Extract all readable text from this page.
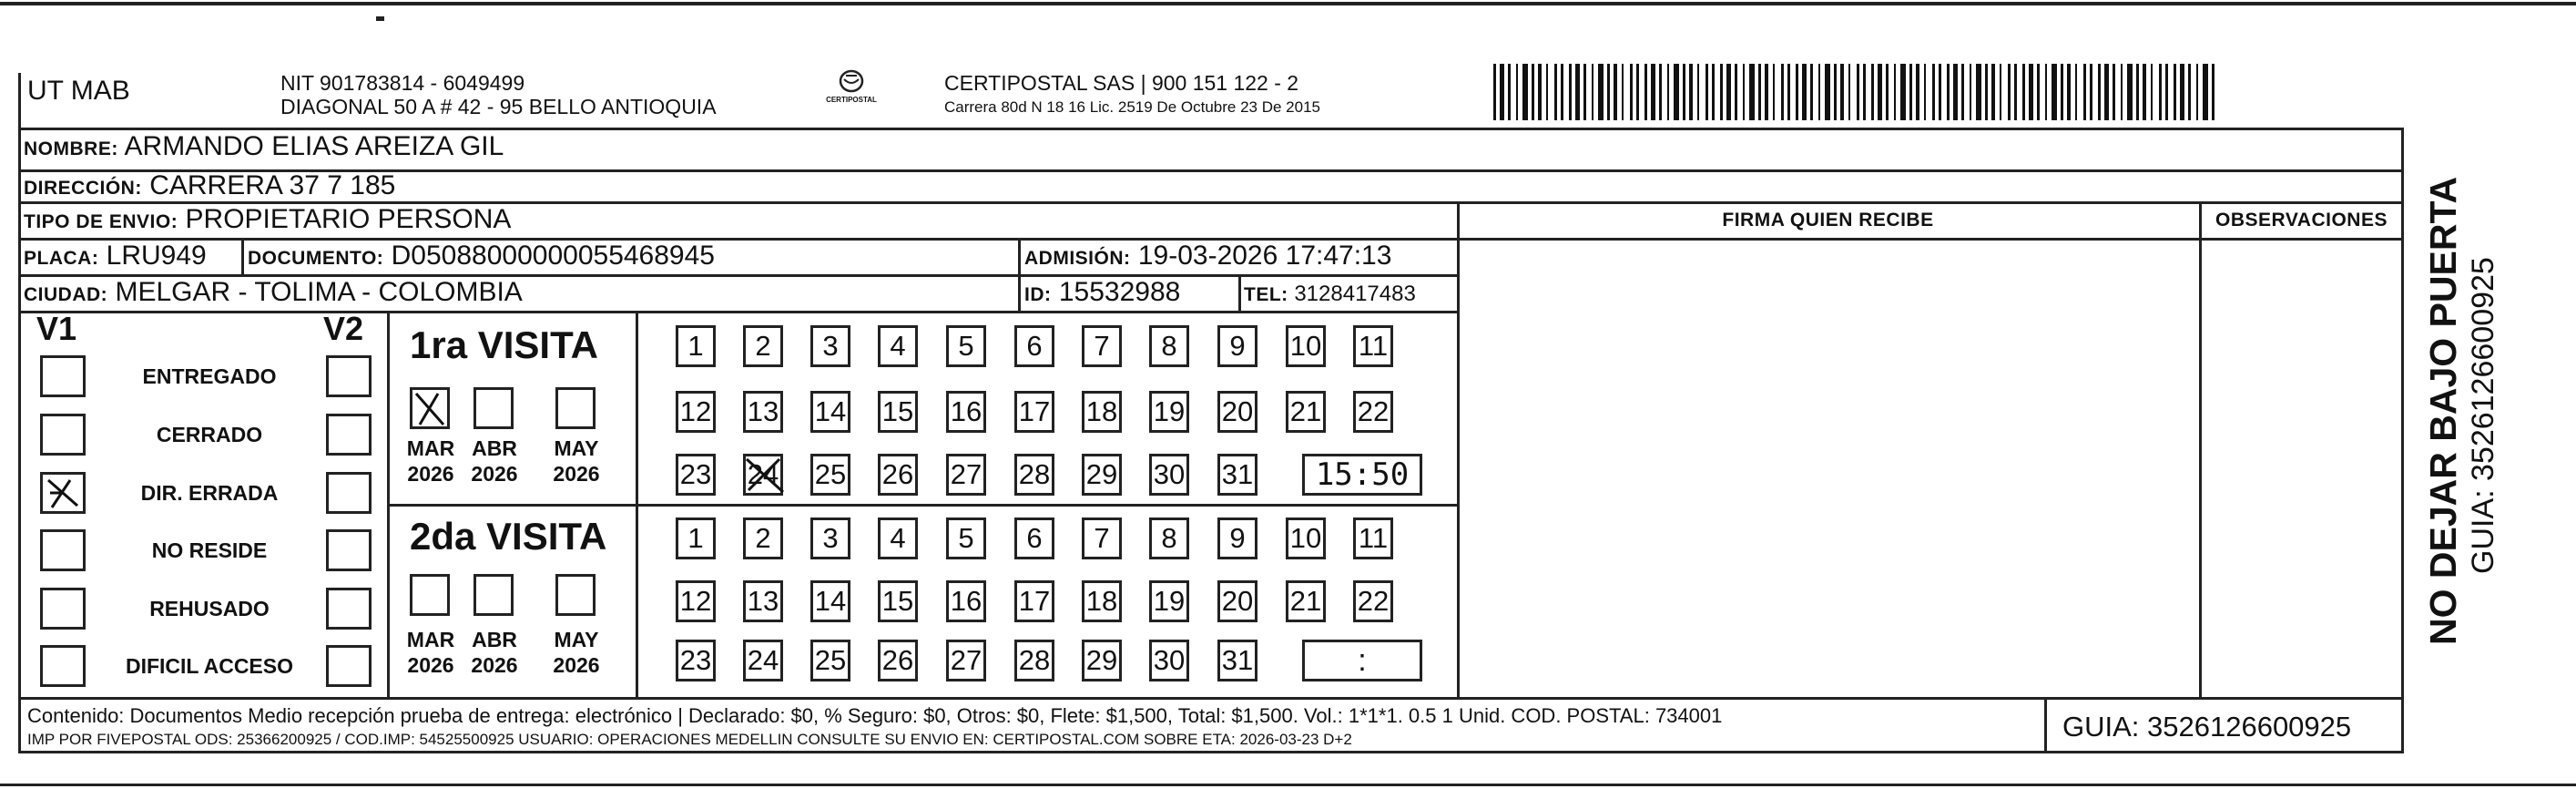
UT MAB	NIT 901783814 - 6049499
DIAGONAL 50 A # 42 - 95 BELLO ANTIOQUIA	CERTIPOSTAL
CERTIPOSTAL SAS | 900 151 122 - 2
Carrera 80d N 18 16 Lic. 2519 De Octubre 23 De 2015
NOMBRE: ARMANDO ELIAS AREIZA GIL
DIRECCIÓN: CARRERA 37 7 185
TIPO DE ENVIO: PROPIETARIO PERSONA	FIRMA QUIEN RECIBE	OBSERVACIONES
PLACA: LRU949 DOCUMENTO: D05088000000055468945	ADMISIÓN: 19-03-2026 17:47:13
CIUDAD: MELGAR - TOLIMA - COLOMBIA	ID: 15532988	TEL: 3128417483
V1	V2
ENTREGADO
CERRADO
DIR. ERRADA
NO RESIDE
REHUSADO
DIFICIL ACCESO
1ra VISITA
2da VISITA
1	2	3	4	5	6	7	8	9	10 11
12 13 14 15 16 17 18 19 20 21 22
23 24 25 26 27 28 29 30 31	15:50
1	2	3	4	5	6	7	8	9	10 11
12 13 14 15 16 17 18 19 20 21 22
23 24 25 26 27 28 29 30 31	:
MAR
2026
ABR
2026
MAY
2026
MAR
2026
ABR
2026
MAY
2026
Contenido: Documentos Medio recepción prueba de entrega: electrónico | Declarado: $0, % Seguro: $0, Otros: $0, Flete: $1,500, Total: $1,500. Vol.: 1*1*1. 0.5 1 Unid. COD. POSTAL: 734001
IMP POR FIVEPOSTAL ODS: 25366200925 / COD.IMP: 54525500925 USUARIO: OPERACIONES MEDELLIN CONSULTE SU ENVIO EN: CERTIPOSTAL.COM SOBRE ETA: 2026-03-23 D+2	GUIA: 3526126600925
NO DEJAR BAJO PUERTA GUIA: 3526126600925
